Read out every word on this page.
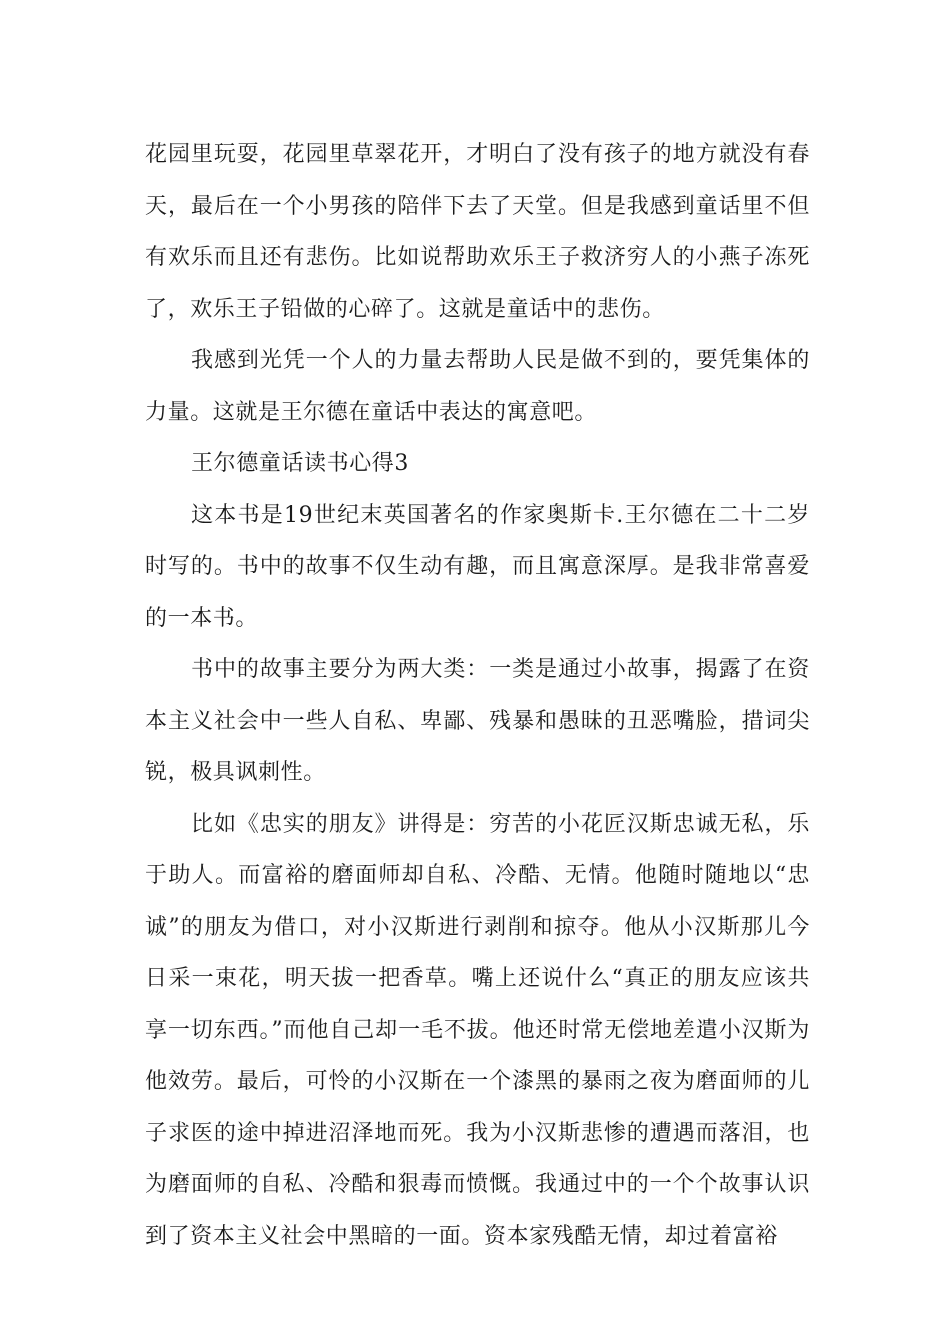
花园里玩耍，花园里草翠花开，才明白了没有孩子的地方就没有春天，最后在一个小男孩的陪伴下去了天堂。但是我感到童话里不但有欢乐而且还有悲伤。比如说帮助欢乐王子救济穷人的小燕子冻死了，欢乐王子铅做的心碎了。这就是童话中的悲伤。

我感到光凭一个人的力量去帮助人民是做不到的，要凭集体的力量。这就是王尔德在童话中表达的寓意吧。

王尔德童话读书心得3

这本书是19世纪末英国著名的作家奥斯卡.王尔德在二十二岁时写的。书中的故事不仅生动有趣，而且寓意深厚。是我非常喜爱的一本书。

书中的故事主要分为两大类：一类是通过小故事，揭露了在资本主义社会中一些人自私、卑鄙、残暴和愚昧的丑恶嘴脸，措词尖锐，极具讽刺性。

比如《忠实的朋友》讲得是：穷苦的小花匠汉斯忠诚无私，乐于助人。而富裕的磨面师却自私、冷酷、无情。他随时随地以“忠诚”的朋友为借口，对小汉斯进行剥削和掠夺。他从小汉斯那儿今日采一束花，明天拔一把香草。嘴上还说什么“真正的朋友应该共享一切东西。”而他自己却一毛不拔。他还时常无偿地差遣小汉斯为他效劳。最后，可怜的小汉斯在一个漆黑的暴雨之夜为磨面师的儿子求医的途中掉进沼泽地而死。我为小汉斯悲惨的遭遇而落泪，也为磨面师的自私、冷酷和狠毒而愤慨。我通过中的一个个故事认识到了资本主义社会中黑暗的一面。资本家残酷无情，却过着富裕
